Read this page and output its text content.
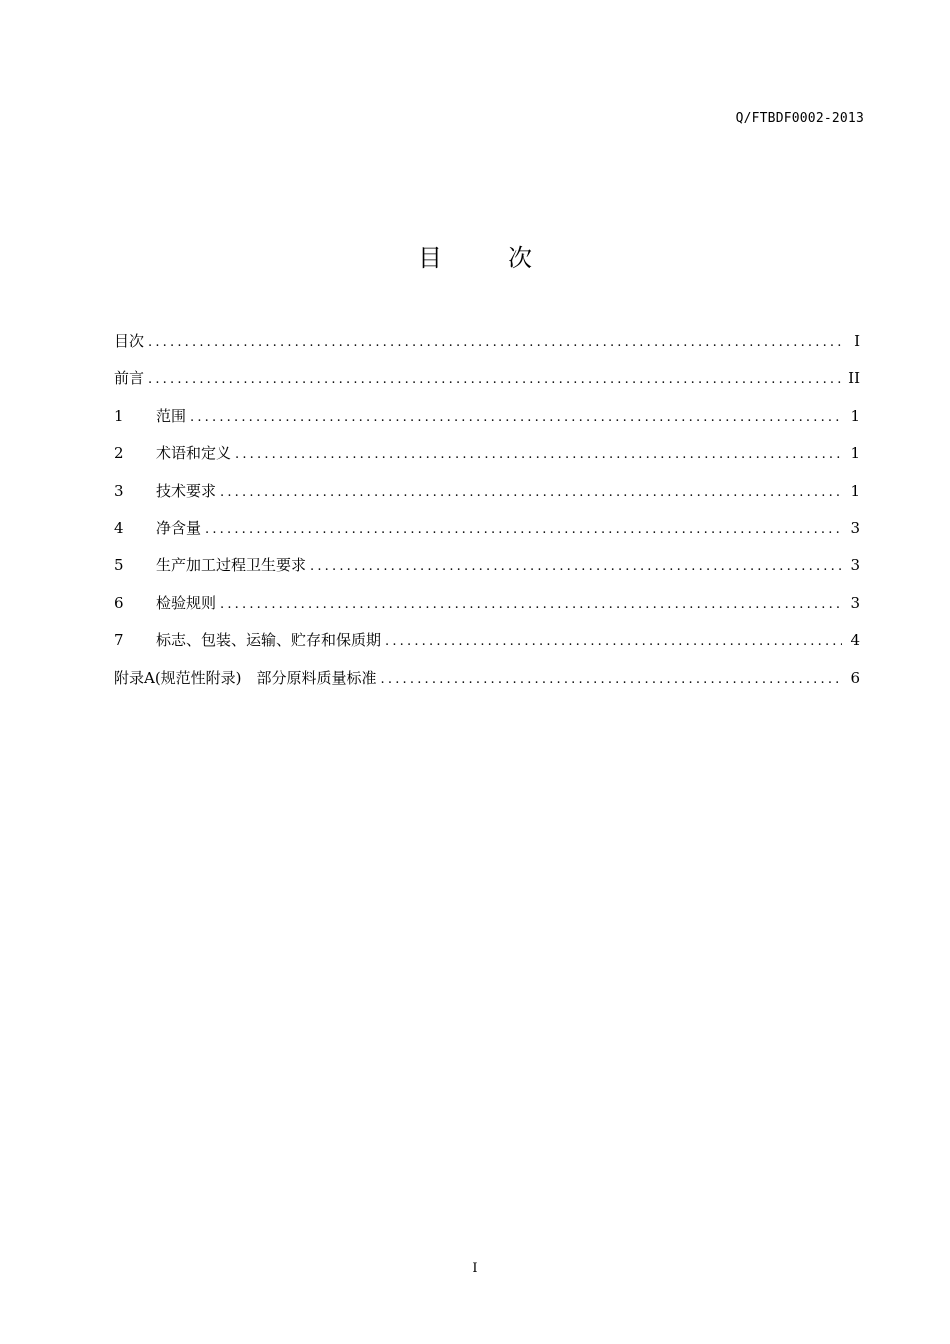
Q/FTBDF0002-2013
目	次
目次 .....	I
前言 .....	II
1	范围 .....	1
2	术语和定义 .....	1
3	技术要求 .....	1
4	净含量 .....	3
5	生产加工过程卫生要求 .....	3
6	检验规则 .....	3
7	标志、包装、运输、贮存和保质期 .....	4
附录A(规范性附录)　部分原料质量标准 .....	6
I
